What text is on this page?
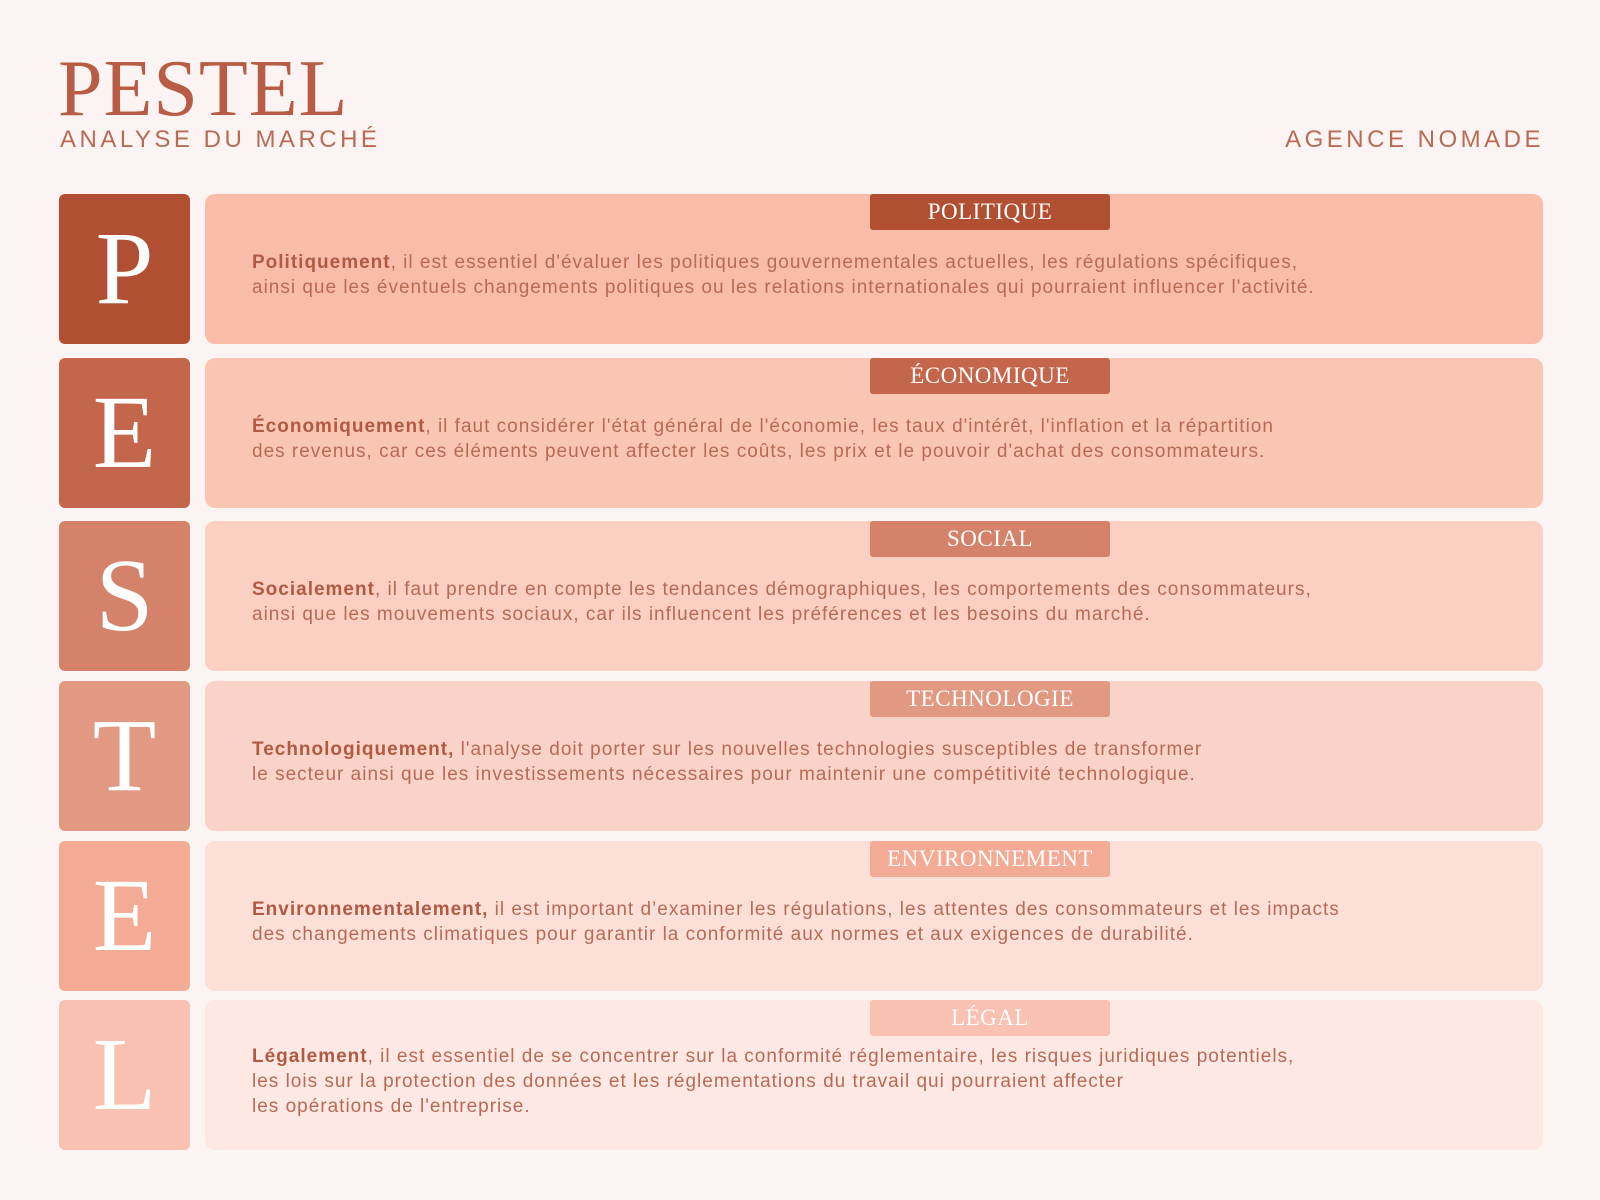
PESTEL
ANALYSE DU MARCHÉ	AGENCE NOMADE
P	POLITIQUE
Politiquement, il est essentiel d'évaluer les politiques gouvernementales actuelles, les régulations spécifiques,
ainsi que les éventuels changements politiques ou les relations internationales qui pourraient influencer l'activité.
E	ÉCONOMIQUE
Économiquement, il faut considérer l'état général de l'économie, les taux d'intérêt, l'inflation et la répartition
des revenus, car ces éléments peuvent affecter les coûts, les prix et le pouvoir d'achat des consommateurs.
S	SOCIAL
Socialement, il faut prendre en compte les tendances démographiques, les comportements des consommateurs,
ainsi que les mouvements sociaux, car ils influencent les préférences et les besoins du marché.
T	TECHNOLOGIE
Technologiquement, l'analyse doit porter sur les nouvelles technologies susceptibles de transformer
le secteur ainsi que les investissements nécessaires pour maintenir une compétitivité technologique.
E	ENVIRONNEMENT
Environnementalement, il est important d’examiner les régulations, les attentes des consommateurs et les impacts
des changements climatiques pour garantir la conformité aux normes et aux exigences de durabilité.
L	LÉGAL
Légalement, il est essentiel de se concentrer sur la conformité réglementaire, les risques juridiques potentiels,
les lois sur la protection des données et les réglementations du travail qui pourraient affecter
les opérations de l'entreprise.
